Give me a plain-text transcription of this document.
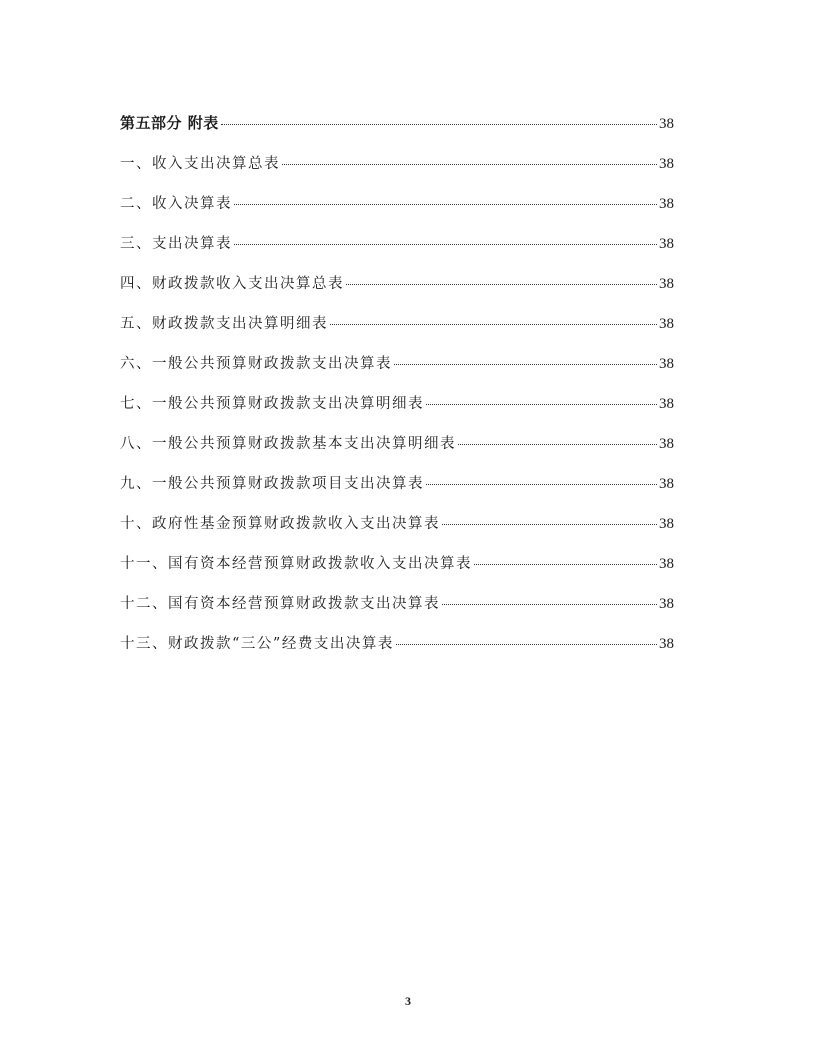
第五部分 附表	38
一、收入支出决算总表	38
二、收入决算表	38
三、支出决算表	38
四、财政拨款收入支出决算总表	38
五、财政拨款支出决算明细表	38
六、一般公共预算财政拨款支出决算表	38
七、一般公共预算财政拨款支出决算明细表	38
八、一般公共预算财政拨款基本支出决算明细表	38
九、一般公共预算财政拨款项目支出决算表	38
十、政府性基金预算财政拨款收入支出决算表	38
十一、国有资本经营预算财政拨款收入支出决算表	38
十二、国有资本经营预算财政拨款支出决算表	38
十三、财政拨款“三公”经费支出决算表	38
3
